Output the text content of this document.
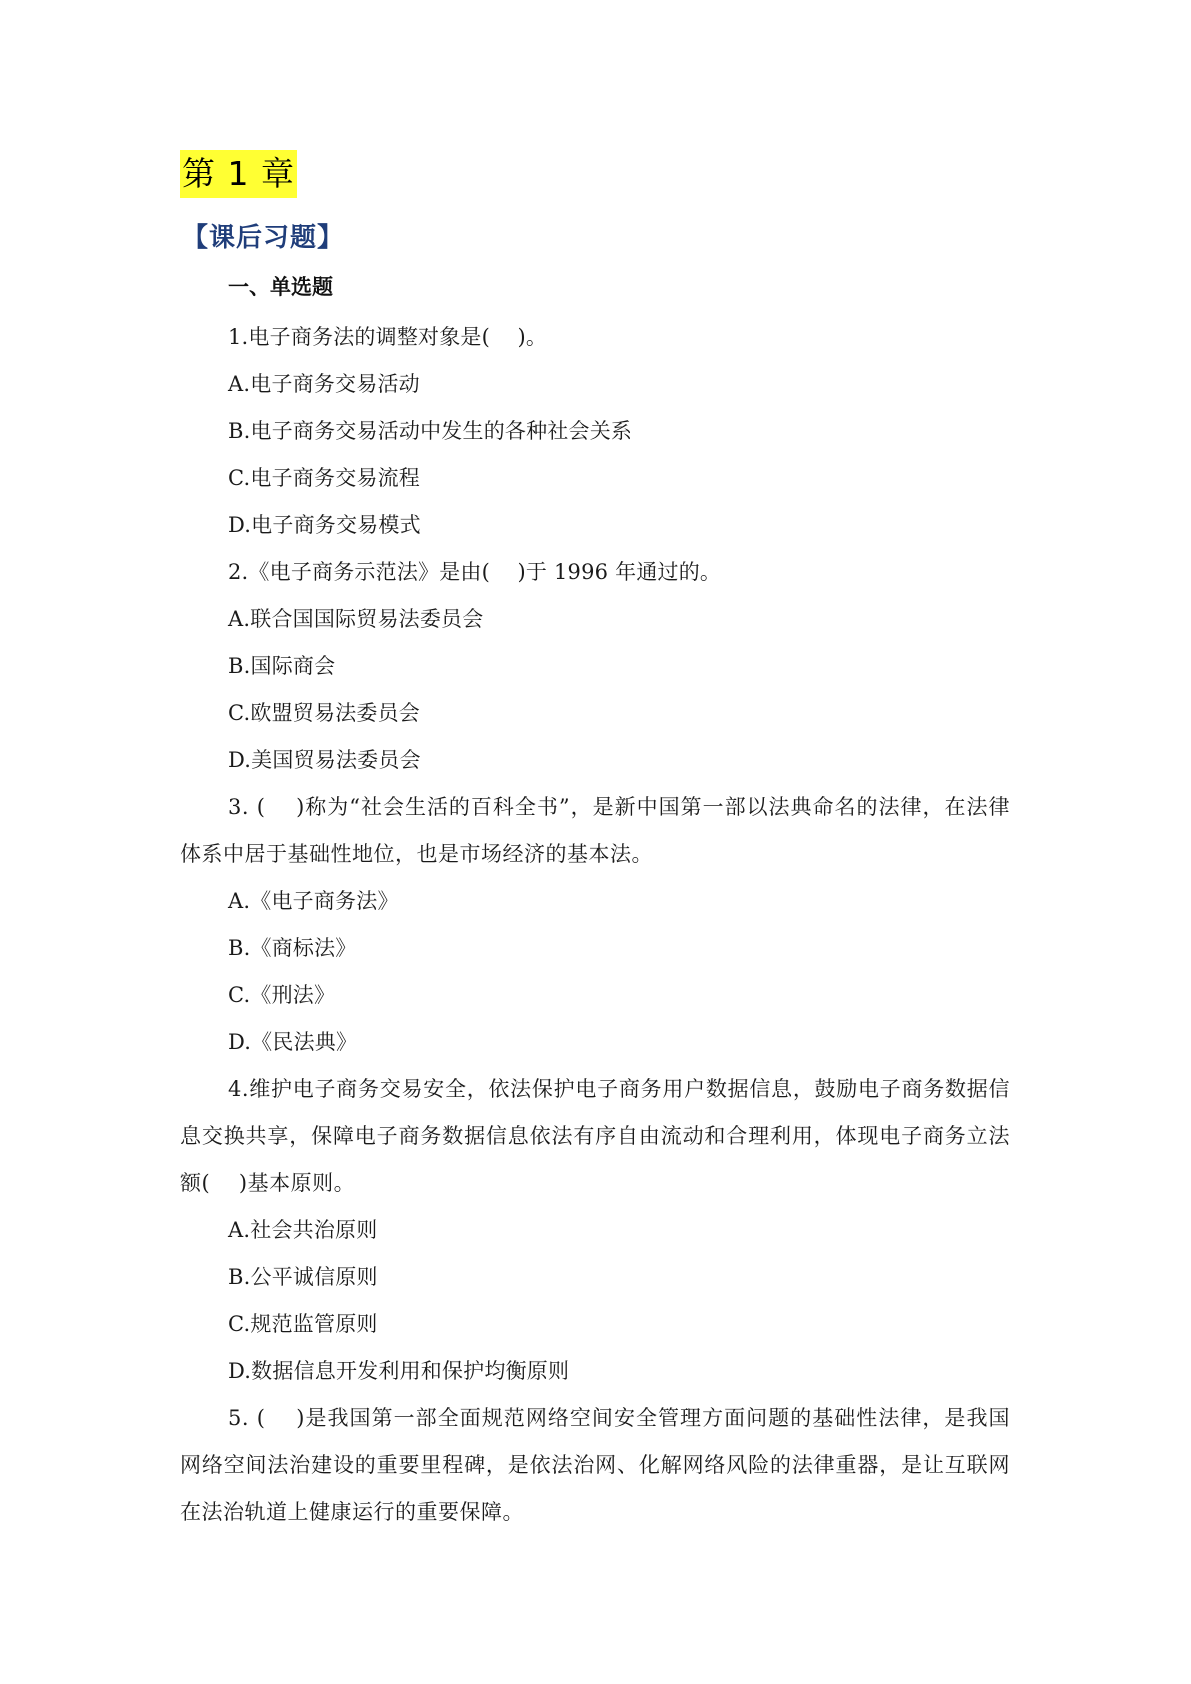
第 1 章
【课后习题】
一、单选题
1.电子商务法的调整对象是(    )。
A.电子商务交易活动
B.电子商务交易活动中发生的各种社会关系
C.电子商务交易流程
D.电子商务交易模式
2.《电子商务示范法》是由(    )于 1996 年通过的。
A.联合国国际贸易法委员会
B.国际商会
C.欧盟贸易法委员会
D.美国贸易法委员会
3. (    )称为“社会生活的百科全书”，是新中国第一部以法典命名的法律，在法律体系中居于基础性地位，也是市场经济的基本法。
A.《电子商务法》
B.《商标法》
C.《刑法》
D.《民法典》
4.维护电子商务交易安全，依法保护电子商务用户数据信息，鼓励电子商务数据信息交换共享，保障电子商务数据信息依法有序自由流动和合理利用，体现电子商务立法额(    )基本原则。
A.社会共治原则
B.公平诚信原则
C.规范监管原则
D.数据信息开发利用和保护均衡原则
5. (    )是我国第一部全面规范网络空间安全管理方面问题的基础性法律，是我国网络空间法治建设的重要里程碑，是依法治网、化解网络风险的法律重器，是让互联网在法治轨道上健康运行的重要保障。
